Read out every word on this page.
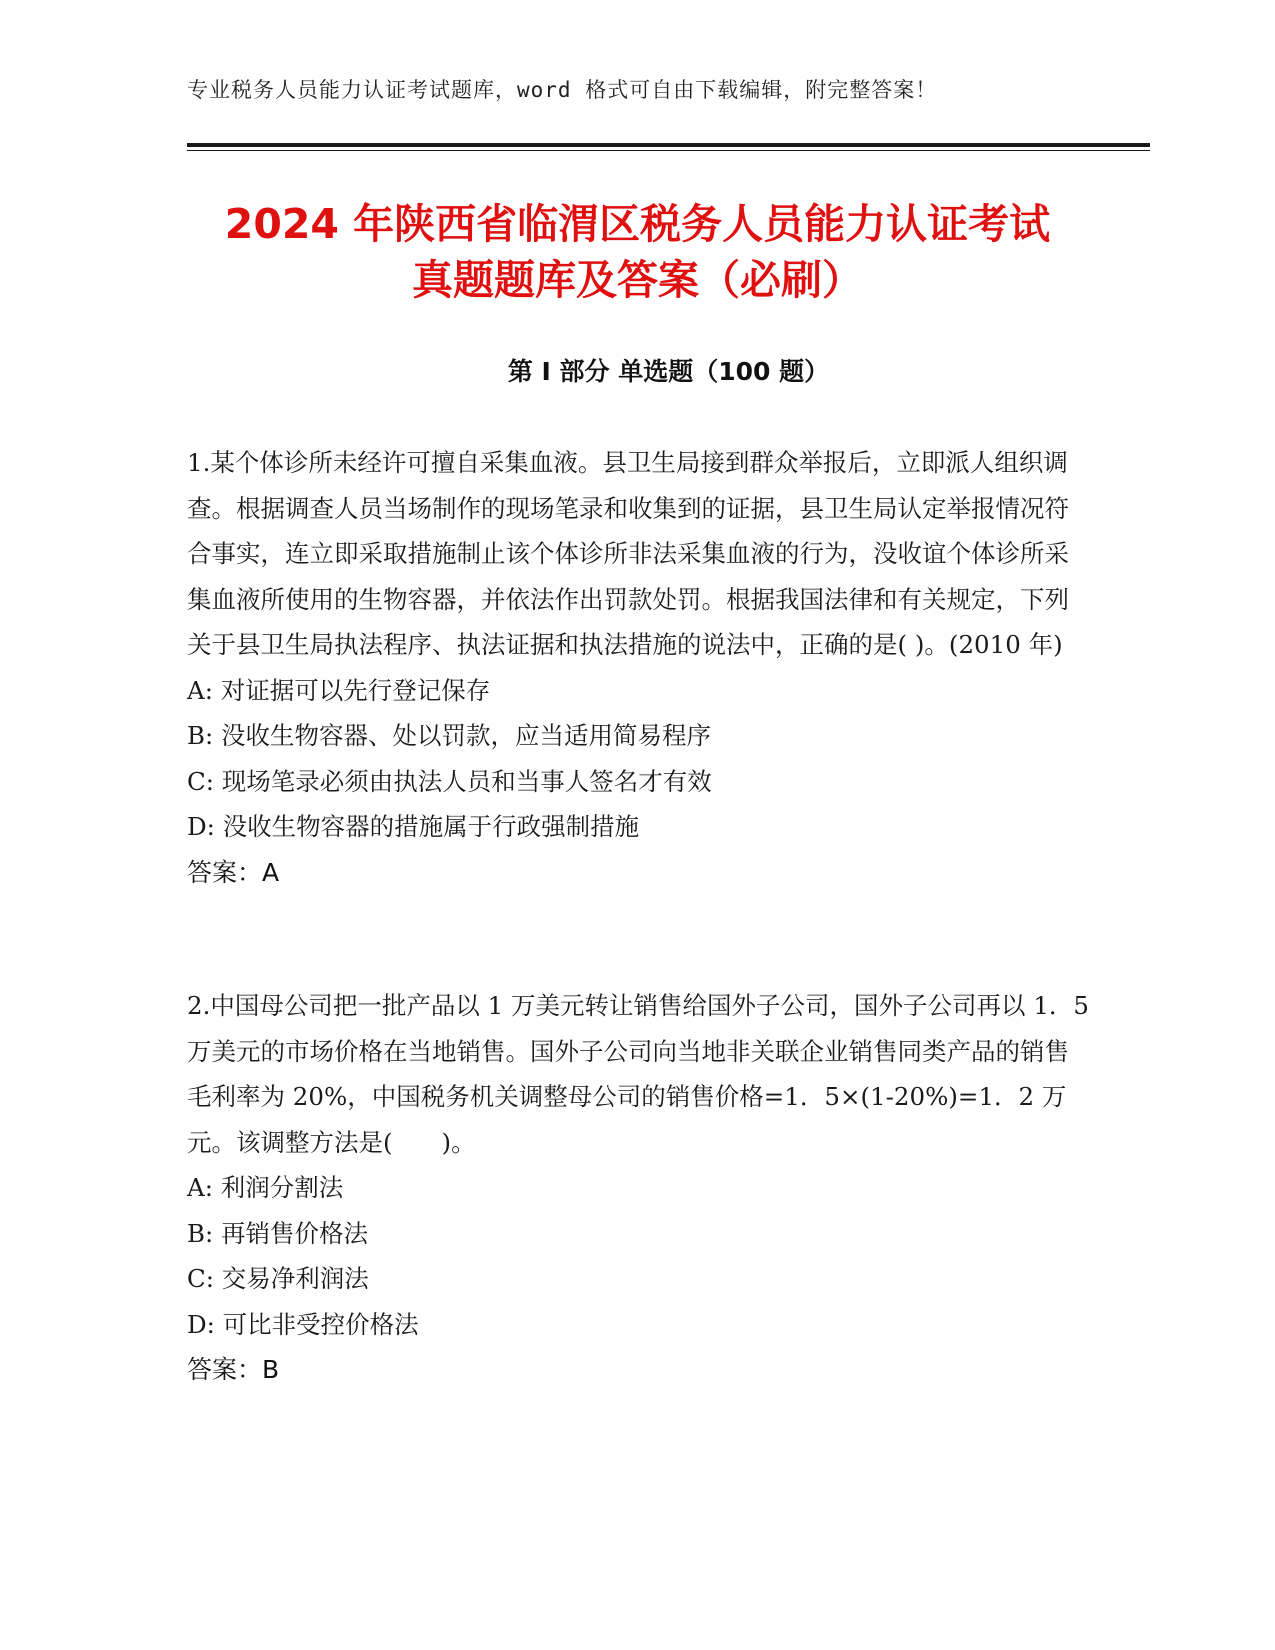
专业税务人员能力认证考试题库，word 格式可自由下载编辑，附完整答案！
2024 年陕西省临渭区税务人员能力认证考试
真题题库及答案（必刷）
第 I 部分 单选题（100 题）

1.某个体诊所未经许可擅自采集血液。县卫生局接到群众举报后，立即派人组织调查。根据调查人员当场制作的现场笔录和收集到的证据，县卫生局认定举报情况符合事实，连立即采取措施制止该个体诊所非法采集血液的行为，没收谊个体诊所采集血液所使用的生物容器，并依法作出罚款处罚。根据我国法律和有关规定，下列关于县卫生局执法程序、执法证据和执法措施的说法中，正确的是( )。(2010 年)

A: 对证据可以先行登记保存

B: 没收生物容器、处以罚款，应当适用简易程序

C: 现场笔录必须由执法人员和当事人签名才有效

D: 没收生物容器的措施属于行政强制措施

答案：A

2.中国母公司把一批产品以 1 万美元转让销售给国外子公司，国外子公司再以 1．5 万美元的市场价格在当地销售。国外子公司向当地非关联企业销售同类产品的销售毛利率为 20%，中国税务机关调整母公司的销售价格=1．5×(1-20%)=1．2 万元。该调整方法是(　　)。

A: 利润分割法

B: 再销售价格法

C: 交易净利润法

D: 可比非受控价格法

答案：B
